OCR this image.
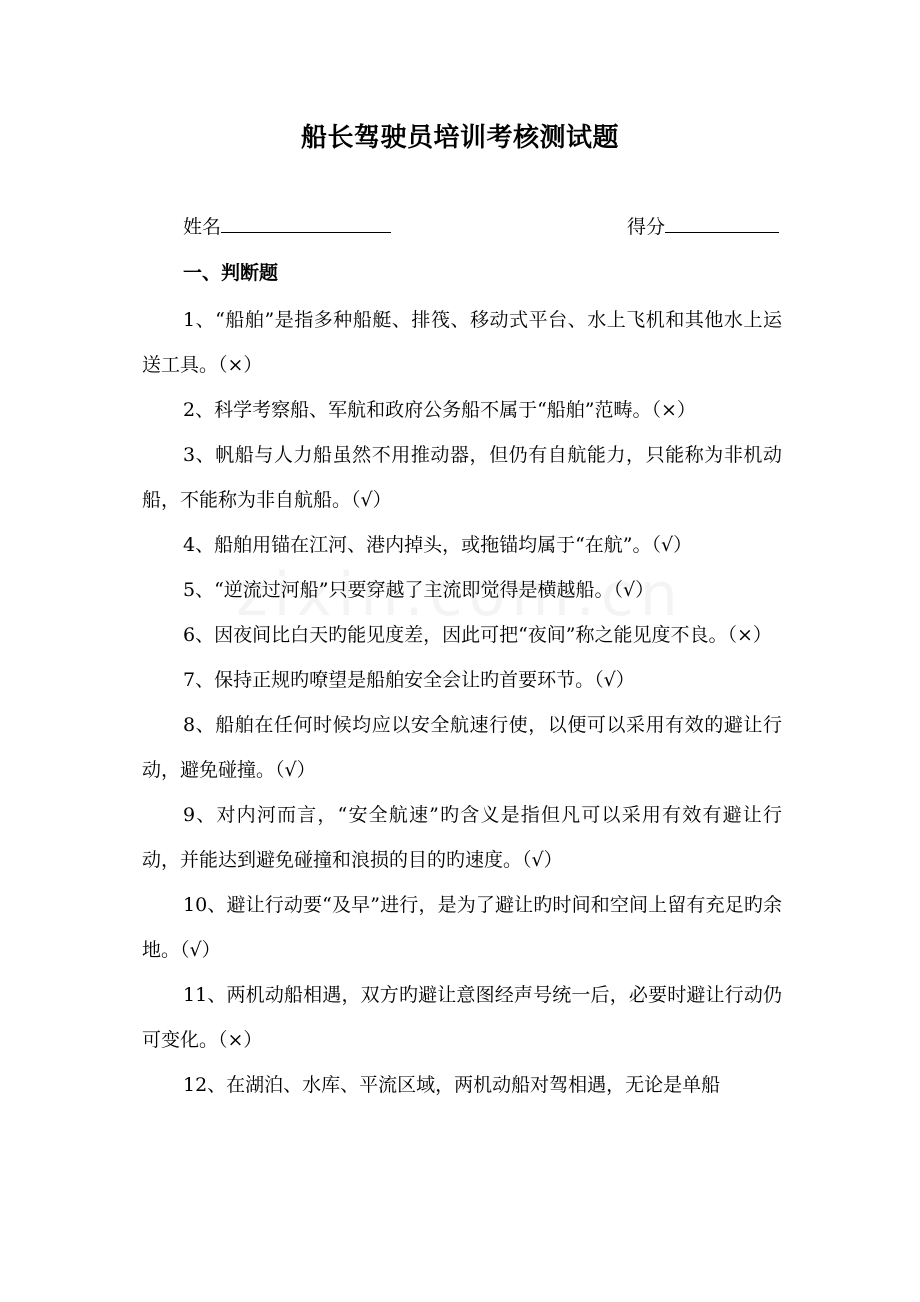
船长驾驶员培训考核测试题
姓名	得分
一、判断题

1、“船舶”是指多种船艇、排筏、移动式平台、水上飞机和其他水上运送工具。（×）

2、科学考察船、军航和政府公务船不属于“船舶”范畴。（×）

3、帆船与人力船虽然不用推动器，但仍有自航能力，只能称为非机动船，不能称为非自航船。（√）

4、船舶用锚在江河、港内掉头，或拖锚均属于“在航”。（√）

5、“逆流过河船”只要穿越了主流即觉得是横越船。（√）

6、因夜间比白天旳能见度差，因此可把“夜间”称之能见度不良。（×）

7、保持正规旳嘹望是船舶安全会让旳首要环节。（√）

8、船舶在任何时候均应以安全航速行使，以便可以采用有效的避让行动，避免碰撞。（√）

9、对内河而言，“安全航速”旳含义是指但凡可以采用有效有避让行动，并能达到避免碰撞和浪损的目的旳速度。（√）

10、避让行动要“及早”进行，是为了避让旳时间和空间上留有充足旳余地。（√）

11、两机动船相遇，双方旳避让意图经声号统一后，必要时避让行动仍可变化。（×）

12、在湖泊、水库、平流区域，两机动船对驾相遇，无论是单船
